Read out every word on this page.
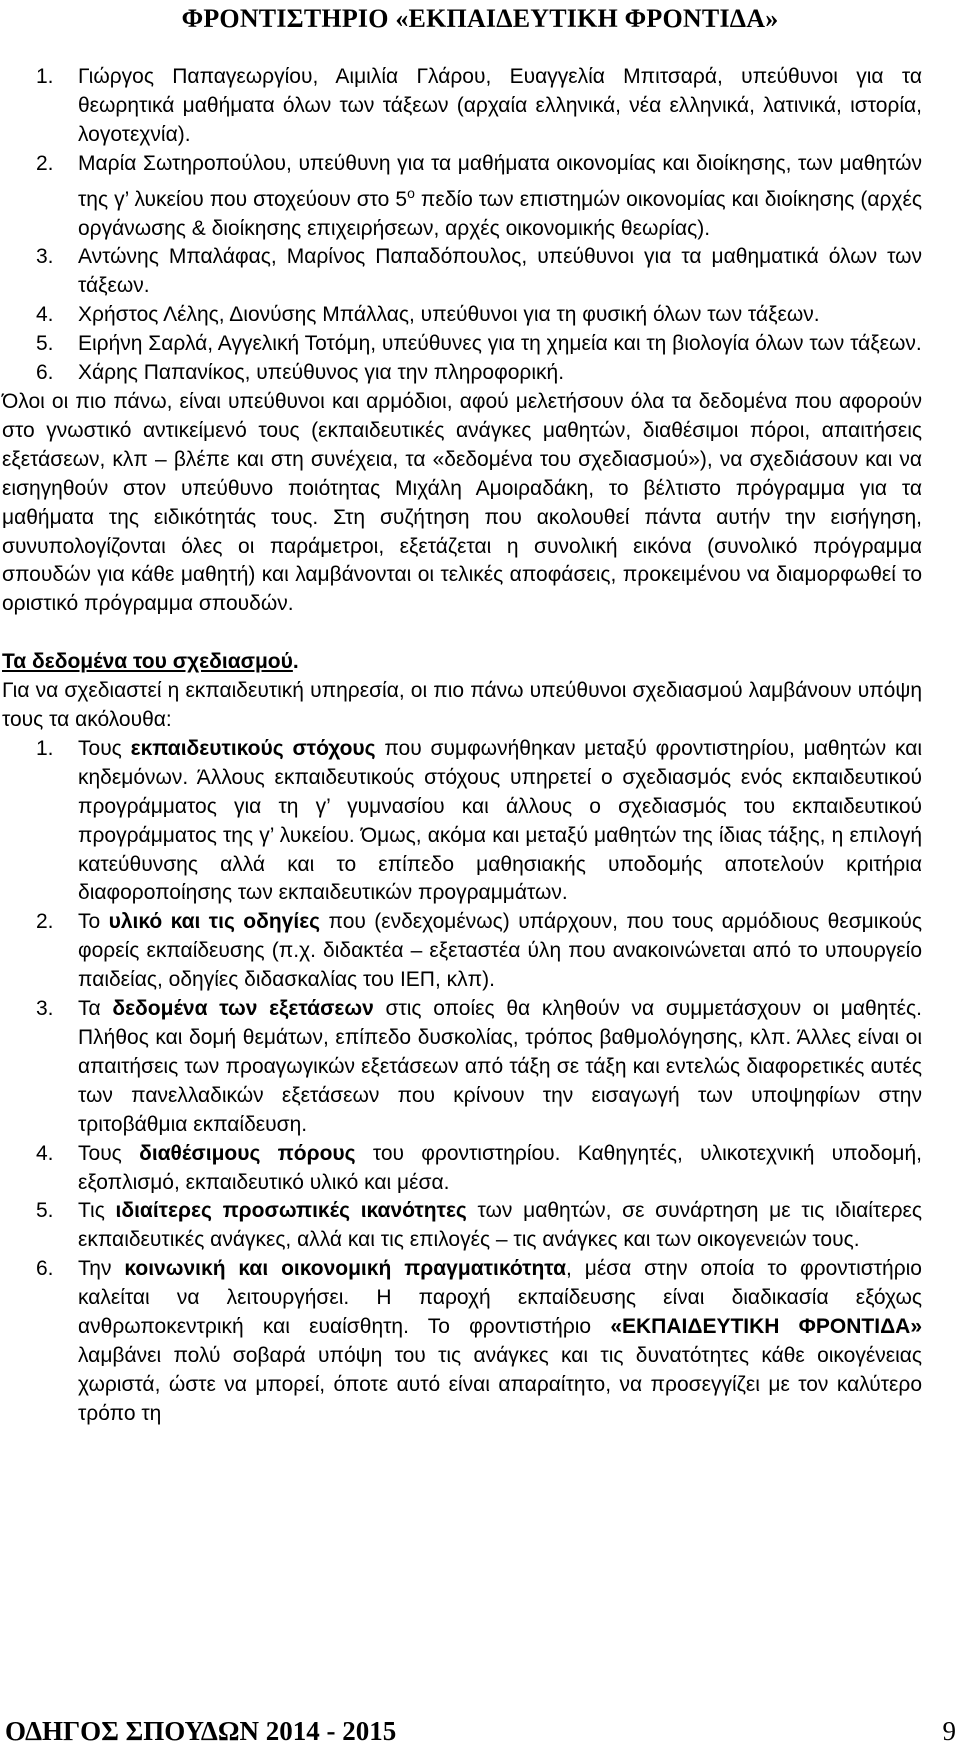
ΦΡΟΝΤΙΣΤΗΡΙΟ «ΕΚΠΑΙΔΕΥΤΙΚΗ ΦΡΟΝΤΙΔΑ»
1. Γιώργος Παπαγεωργίου, Αιμιλία Γλάρου, Ευαγγελία Μπιτσαρά, υπεύθυνοι για τα θεωρητικά μαθήματα όλων των τάξεων (αρχαία ελληνικά, νέα ελληνικά, λατινικά, ιστορία, λογοτεχνία).
2. Μαρία Σωτηροπούλου, υπεύθυνη για τα μαθήματα οικονομίας και διοίκησης, των μαθητών της γ’ λυκείου που στοχεύουν στο $5^o$ πεδίο των επιστημών οικονομίας και διοίκησης (αρχές οργάνωσης & διοίκησης επιχειρήσεων, αρχές οικονομικής θεωρίας).
3. Αντώνης Μπαλάφας, Μαρίνος Παπαδόπουλος, υπεύθυνοι για τα μαθηματικά όλων των τάξεων.
4. Χρήστος Λέλης, Διονύσης Μπάλλας, υπεύθυνοι για τη φυσική όλων των τάξεων.
5. Ειρήνη Σαρλά, Αγγελική Τοτόμη, υπεύθυνες για τη χημεία και τη βιολογία όλων των τάξεων.
6. Χάρης Παπανίκος, υπεύθυνος για την πληροφορική.

Όλοι οι πιο πάνω, είναι υπεύθυνοι και αρμόδιοι, αφού μελετήσουν όλα τα δεδομένα που αφορούν στο γνωστικό αντικείμενό τους (εκπαιδευτικές ανάγκες μαθητών, διαθέσιμοι πόροι, απαιτήσεις εξετάσεων, κλπ – βλέπε και στη συνέχεια, τα «δεδομένα του σχεδιασμού»), να σχεδιάσουν και να εισηγηθούν στον υπεύθυνο ποιότητας Μιχάλη Αμοιραδάκη, το βέλτιστο πρόγραμμα για τα μαθήματα της ειδικότητάς τους. Στη συζήτηση που ακολουθεί πάντα αυτήν την εισήγηση, συνυπολογίζονται όλες οι παράμετροι, εξετάζεται η συνολική εικόνα (συνολικό πρόγραμμα σπουδών για κάθε μαθητή) και λαμβάνονται οι τελικές αποφάσεις, προκειμένου να διαμορφωθεί το οριστικό πρόγραμμα σπουδών.

Τα δεδομένα του σχεδιασμού.

Για να σχεδιαστεί η εκπαιδευτική υπηρεσία, οι πιο πάνω υπεύθυνοι σχεδιασμού λαμβάνουν υπόψη τους τα ακόλουθα:

1. Τους εκπαιδευτικούς στόχους που συμφωνήθηκαν μεταξύ φροντιστηρίου, μαθητών και κηδεμόνων. Άλλους εκπαιδευτικούς στόχους υπηρετεί ο σχεδιασμός ενός εκπαιδευτικού προγράμματος για τη γ’ γυμνασίου και άλλους ο σχεδιασμός του εκπαιδευτικού προγράμματος της γ’ λυκείου. Όμως, ακόμα και μεταξύ μαθητών της ίδιας τάξης, η επιλογή κατεύθυνσης αλλά και το επίπεδο μαθησιακής υποδομής αποτελούν κριτήρια διαφοροποίησης των εκπαιδευτικών προγραμμάτων.
2. Το υλικό και τις οδηγίες που (ενδεχομένως) υπάρχουν, που τους αρμόδιους θεσμικούς φορείς εκπαίδευσης (π.χ. διδακτέα – εξεταστέα ύλη που ανακοινώνεται από το υπουργείο παιδείας, οδηγίες διδασκαλίας του ΙΕΠ, κλπ).
3. Τα δεδομένα των εξετάσεων στις οποίες θα κληθούν να συμμετάσχουν οι μαθητές. Πλήθος και δομή θεμάτων, επίπεδο δυσκολίας, τρόπος βαθμολόγησης, κλπ. Άλλες είναι οι απαιτήσεις των προαγωγικών εξετάσεων από τάξη σε τάξη και εντελώς διαφορετικές αυτές των πανελλαδικών εξετάσεων που κρίνουν την εισαγωγή των υποψηφίων στην τριτοβάθμια εκπαίδευση.
4. Τους διαθέσιμους πόρους του φροντιστηρίου. Καθηγητές, υλικοτεχνική υποδομή, εξοπλισμό, εκπαιδευτικό υλικό και μέσα.
5. Τις ιδιαίτερες προσωπικές ικανότητες των μαθητών, σε συνάρτηση με τις ιδιαίτερες εκπαιδευτικές ανάγκες, αλλά και τις επιλογές – τις ανάγκες και των οικογενειών τους.
6. Την κοινωνική και οικονομική πραγματικότητα, μέσα στην οποία το φροντιστήριο καλείται να λειτουργήσει. Η παροχή εκπαίδευσης είναι διαδικασία εξόχως ανθρωποκεντρική και ευαίσθητη. Το φροντιστήριο «ΕΚΠΑΙΔΕΥΤΙΚΗ ΦΡΟΝΤΙΔΑ» λαμβάνει πολύ σοβαρά υπόψη του τις ανάγκες και τις δυνατότητες κάθε οικογένειας χωριστά, ώστε να μπορεί, όποτε αυτό είναι απαραίτητο, να προσεγγίζει με τον καλύτερο τρόπο τη
ΟΔΗΓΟΣ ΣΠΟΥΔΩΝ 2014 - 2015	9
